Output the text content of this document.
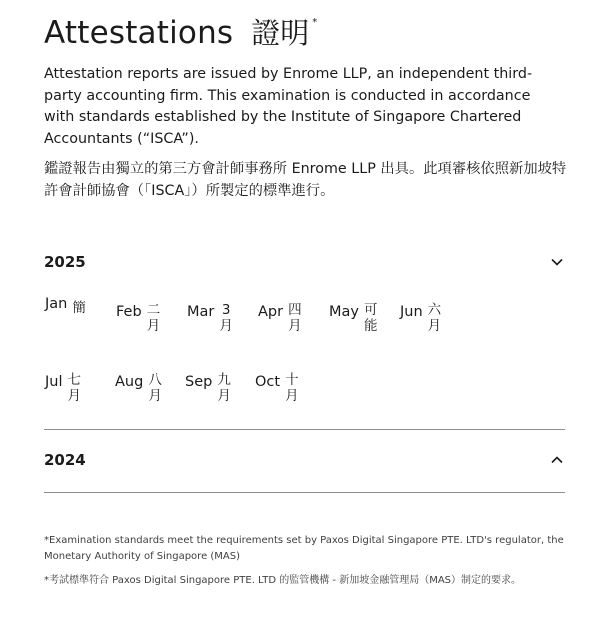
Attestations 證明 *

Attestation reports are issued by Enrome LLP, an independent third-party accounting firm. This examination is conducted in accordance with standards established by the Institute of Singapore Chartered Accountants (“ISCA”).

鑑證報告由獨立的第三方會計師事務所 Enrome LLP 出具。此項審核依照新加坡特許會計師協會（「ISCA」）所製定的標準進行。

2025
Jan 簡 Feb 二
月
Mar 3
月
Apr 四
月
May 可
能
Jun 六
月
Jul 七
月
Aug 八
月
Sep 九
月
Oct 十
月
2024

*Examination standards meet the requirements set by Paxos Digital Singapore PTE. LTD's regulator, the Monetary Authority of Singapore (MAS)

*考試標準符合 Paxos Digital Singapore PTE. LTD 的監管機構 - 新加坡金融管理局（MAS）制定的要求。
